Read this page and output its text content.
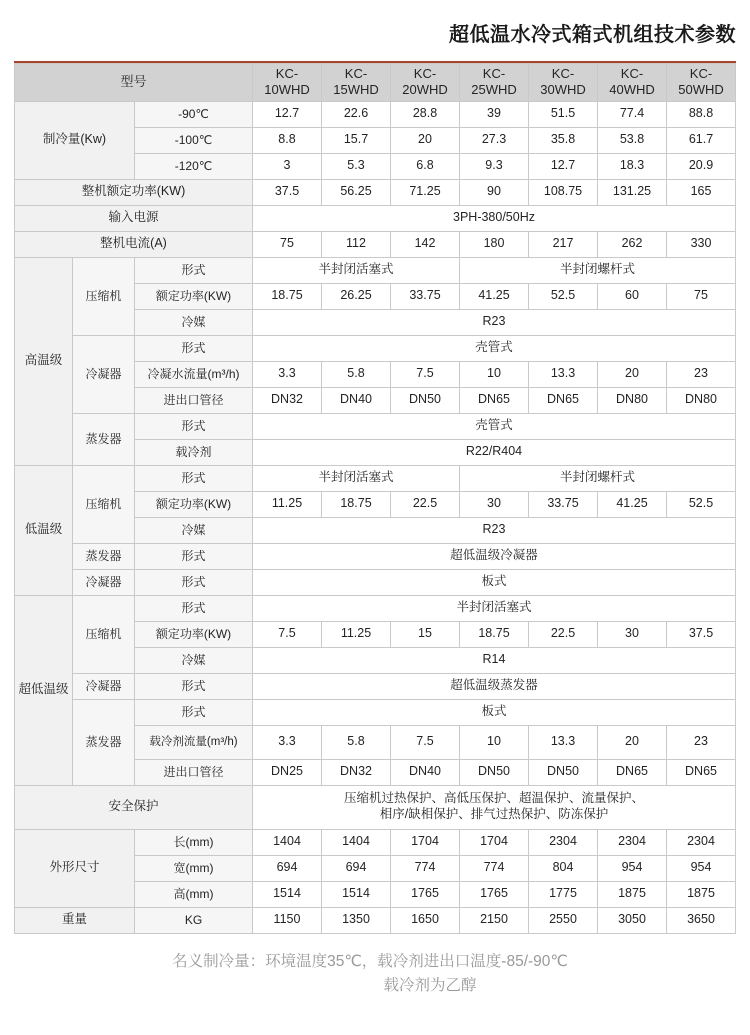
超低温水冷式箱式机组技术参数
型号			KC-10WHD	KC-15WHD	KC-20WHD	KC-25WHD	KC-30WHD	KC-40WHD	KC-50WHD
制冷量(Kw)		-90℃	12.7	22.6	28.8	39	51.5	77.4	88.8
		-100℃	8.8	15.7	20	27.3	35.8	53.8	61.7
		-120℃	3	5.3	6.8	9.3	12.7	18.3	20.9
整机额定功率(KW)			37.5	56.25	71.25	90	108.75	131.25	165
输入电源			3PH-380/50Hz						
整机电流(A)			75	112	142	180	217	262	330
高温级	压缩机	形式	半封闭活塞式			半封闭螺杆式			
		额定功率(KW)	18.75	26.25	33.75	41.25	52.5	60	75
		冷媒	R23						
	冷凝器	形式	壳管式						
		冷凝水流量(m³/h)	3.3	5.8	7.5	10	13.3	20	23
		进出口管径	DN32	DN40	DN50	DN65	DN65	DN80	DN80
	蒸发器	形式	壳管式						
		载冷剂	R22/R404						
低温级	压缩机	形式	半封闭活塞式			半封闭螺杆式			
		额定功率(KW)	11.25	18.75	22.5	30	33.75	41.25	52.5
		冷媒	R23						
	蒸发器	形式	超低温级冷凝器						
	冷凝器	形式	板式						
超低温级	压缩机	形式	半封闭活塞式						
		额定功率(KW)	7.5	11.25	15	18.75	22.5	30	37.5
		冷媒	R14						
	冷凝器	形式	超低温级蒸发器						
	蒸发器	形式	板式						
		载冷剂流量(m³/h)	3.3	5.8	7.5	10	13.3	20	23
		进出口管径	DN25	DN32	DN40	DN50	DN50	DN65	DN65
安全保护			压缩机过热保护、高低压保护、超温保护、流量保护、
相序/缺相保护、排气过热保护、防冻保护						

外形尺寸		长(mm)	1404	1404	1704	1704	2304	2304	2304
		宽(mm)	694	694	774	774	804	954	954
		高(mm)	1514	1514	1765	1765	1775	1875	1875
重量		KG	1150	1350	1650	2150	2550	3050	3650
名义制冷量：环境温度35℃，载冷剂进出口温度-85/-90℃
载冷剂为乙醇
